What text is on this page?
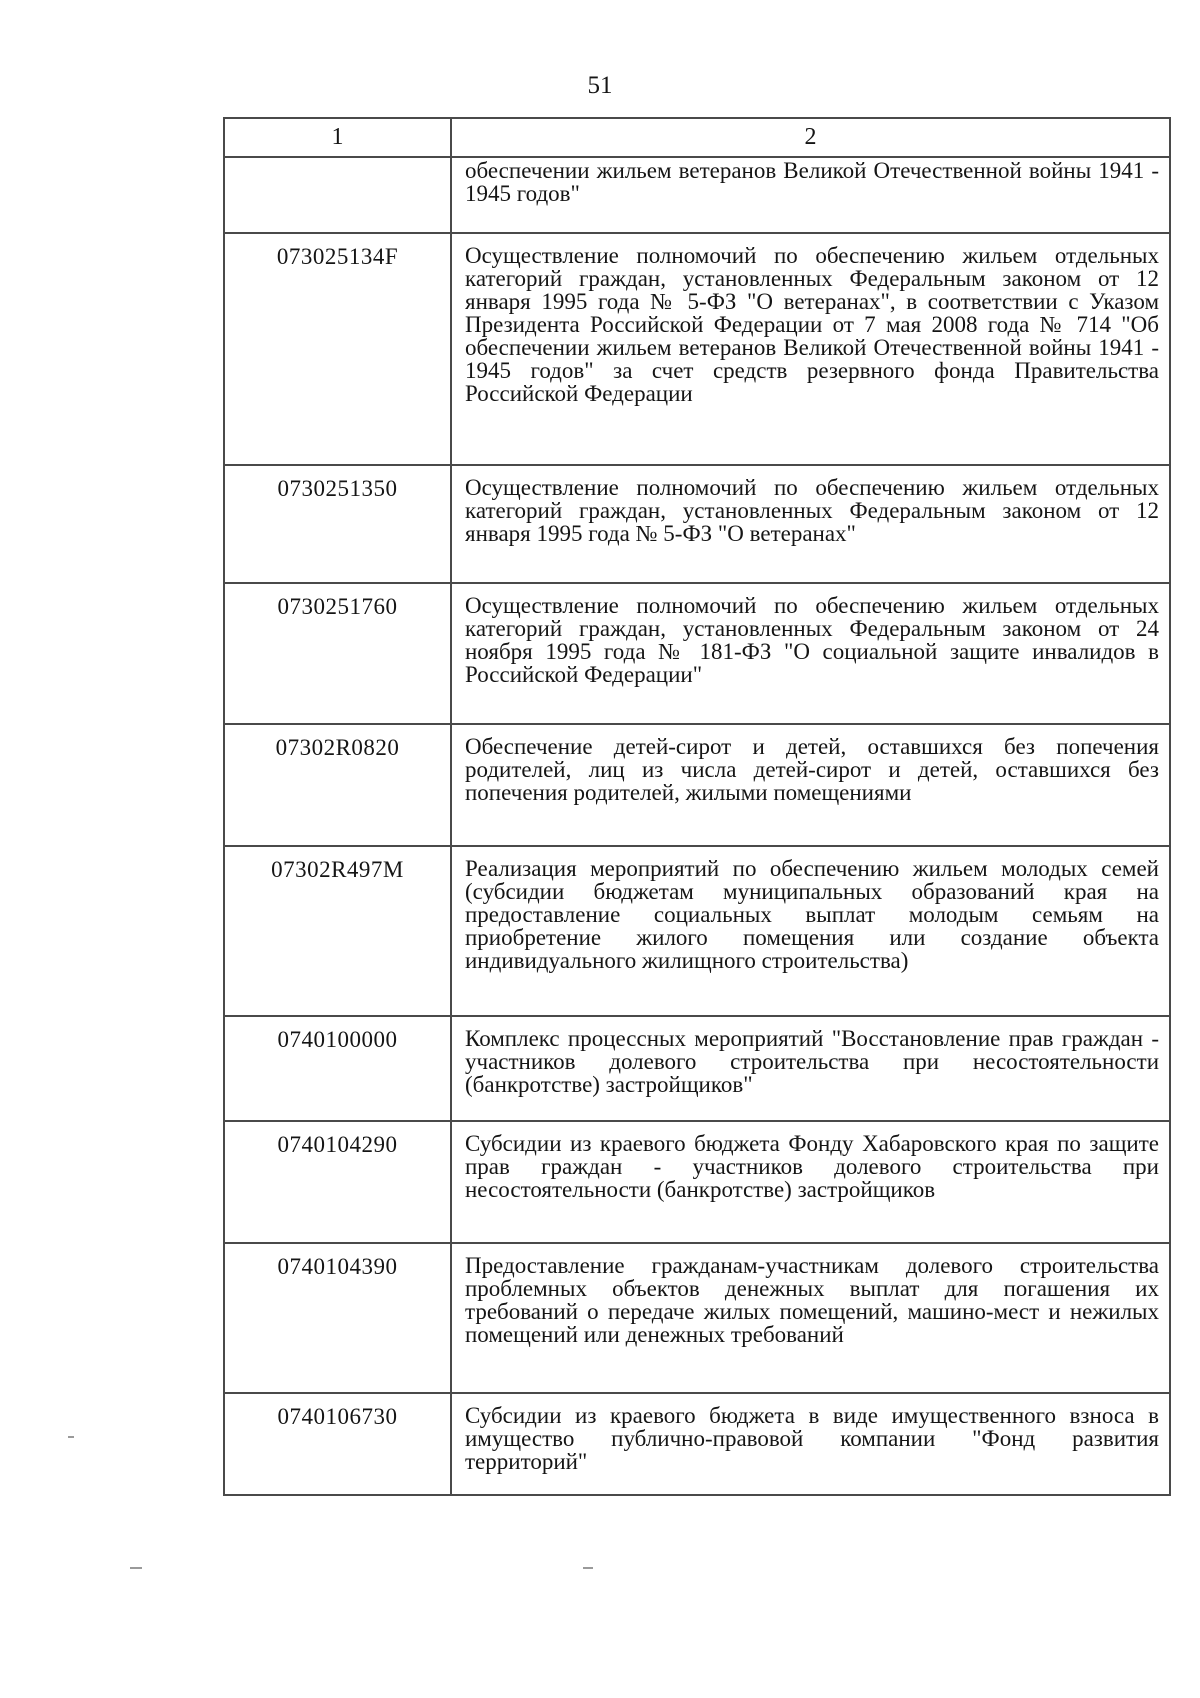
51
1	2
	обеспечении жильем ветеранов Великой Отечественной войны 1941 - 1945 годов"
073025134F	Осуществление полномочий по обеспечению жильем отдельных категорий граждан, установленных Федеральным законом от 12 января 1995 года № 5-ФЗ "О ветеранах", в соответствии с Указом Президента Российской Федерации от 7 мая 2008 года № 714 "Об обеспечении жильем ветеранов Великой Отечественной войны 1941 - 1945 годов" за счет средств резервного фонда Правительства Российской Федерации
0730251350	Осуществление полномочий по обеспечению жильем отдельных категорий граждан, установленных Федеральным законом от 12 января 1995 года № 5-ФЗ "О ветеранах"
0730251760	Осуществление полномочий по обеспечению жильем отдельных категорий граждан, установленных Федеральным законом от 24 ноября 1995 года № 181-ФЗ "О социальной защите инвалидов в Российской Федерации"
07302R0820	Обеспечение детей-сирот и детей, оставшихся без попечения родителей, лиц из числа детей-сирот и детей, оставшихся без попечения родителей, жилыми помещениями
07302R497M	Реализация мероприятий по обеспечению жильем молодых семей (субсидии бюджетам муниципальных образований края на предоставление социальных выплат молодым семьям на приобретение жилого помещения или создание объекта индивидуального жилищного строительства)
0740100000	Комплекс процессных мероприятий "Восстановление прав граждан - участников долевого строительства при несостоятельности (банкротстве) застройщиков"
0740104290	Субсидии из краевого бюджета Фонду Хабаровского края по защите прав граждан - участников долевого строительства при несостоятельности (банкротстве) застройщиков
0740104390	Предоставление гражданам-участникам долевого строительства проблемных объектов денежных выплат для погашения их требований о передаче жилых помещений, машино-мест и нежилых помещений или денежных требований
0740106730	Субсидии из краевого бюджета в виде имущественного взноса в имущество публично-правовой компании "Фонд развития территорий"
